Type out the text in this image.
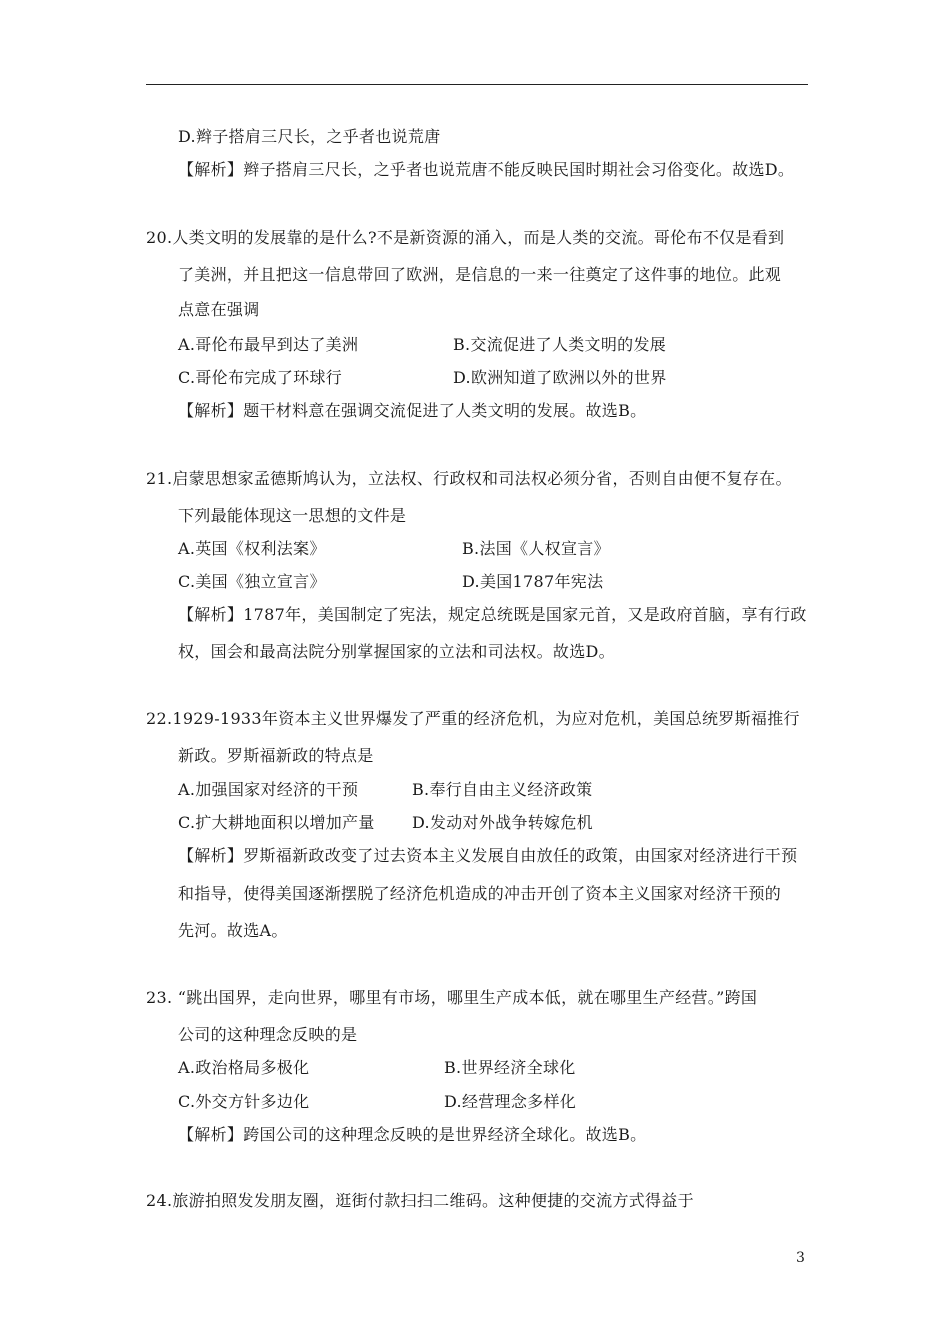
D.辫子搭肩三尺长，之乎者也说荒唐
【解析】辫子搭肩三尺长，之乎者也说荒唐不能反映民国时期社会习俗变化。故选D。
20.人类文明的发展靠的是什么?不是新资源的涌入，而是人类的交流。哥伦布不仅是看到
了美洲，并且把这一信息带回了欧洲，是信息的一来一往奠定了这件事的地位。此观
点意在强调
A.哥伦布最早到达了美洲	B.交流促进了人类文明的发展
C.哥伦布完成了环球行	D.欧洲知道了欧洲以外的世界
【解析】题干材料意在强调交流促进了人类文明的发展。故选B。
21.启蒙思想家孟德斯鸠认为，立法权、行政权和司法权必须分省，否则自由便不复存在。
下列最能体现这一思想的文件是
A.英国《权利法案》	B.法国《人权宣言》
C.美国《独立宣言》	D.美国1787年宪法
【解析】1787年，美国制定了宪法，规定总统既是国家元首，又是政府首脑，享有行政
权，国会和最高法院分别掌握国家的立法和司法权。故选D。
22.1929-1933年资本主义世界爆发了严重的经济危机，为应对危机，美国总统罗斯福推行
新政。罗斯福新政的特点是
A.加强国家对经济的干预	B.奉行自由主义经济政策
C.扩大耕地面积以增加产量 D.发动对外战争转嫁危机
【解析】罗斯福新政改变了过去资本主义发展自由放任的政策，由国家对经济进行干预
和指导，使得美国逐渐摆脱了经济危机造成的冲击开创了资本主义国家对经济干预的
先河。故选A。
23. “跳出国界，走向世界，哪里有市场，哪里生产成本低，就在哪里生产经营。”跨国
公司的这种理念反映的是
A.政治格局多极化	B.世界经济全球化
C.外交方针多边化	D.经营理念多样化
【解析】跨国公司的这种理念反映的是世界经济全球化。故选B。
24.旅游拍照发发朋友圈，逛街付款扫扫二维码。这种便捷的交流方式得益于
3
